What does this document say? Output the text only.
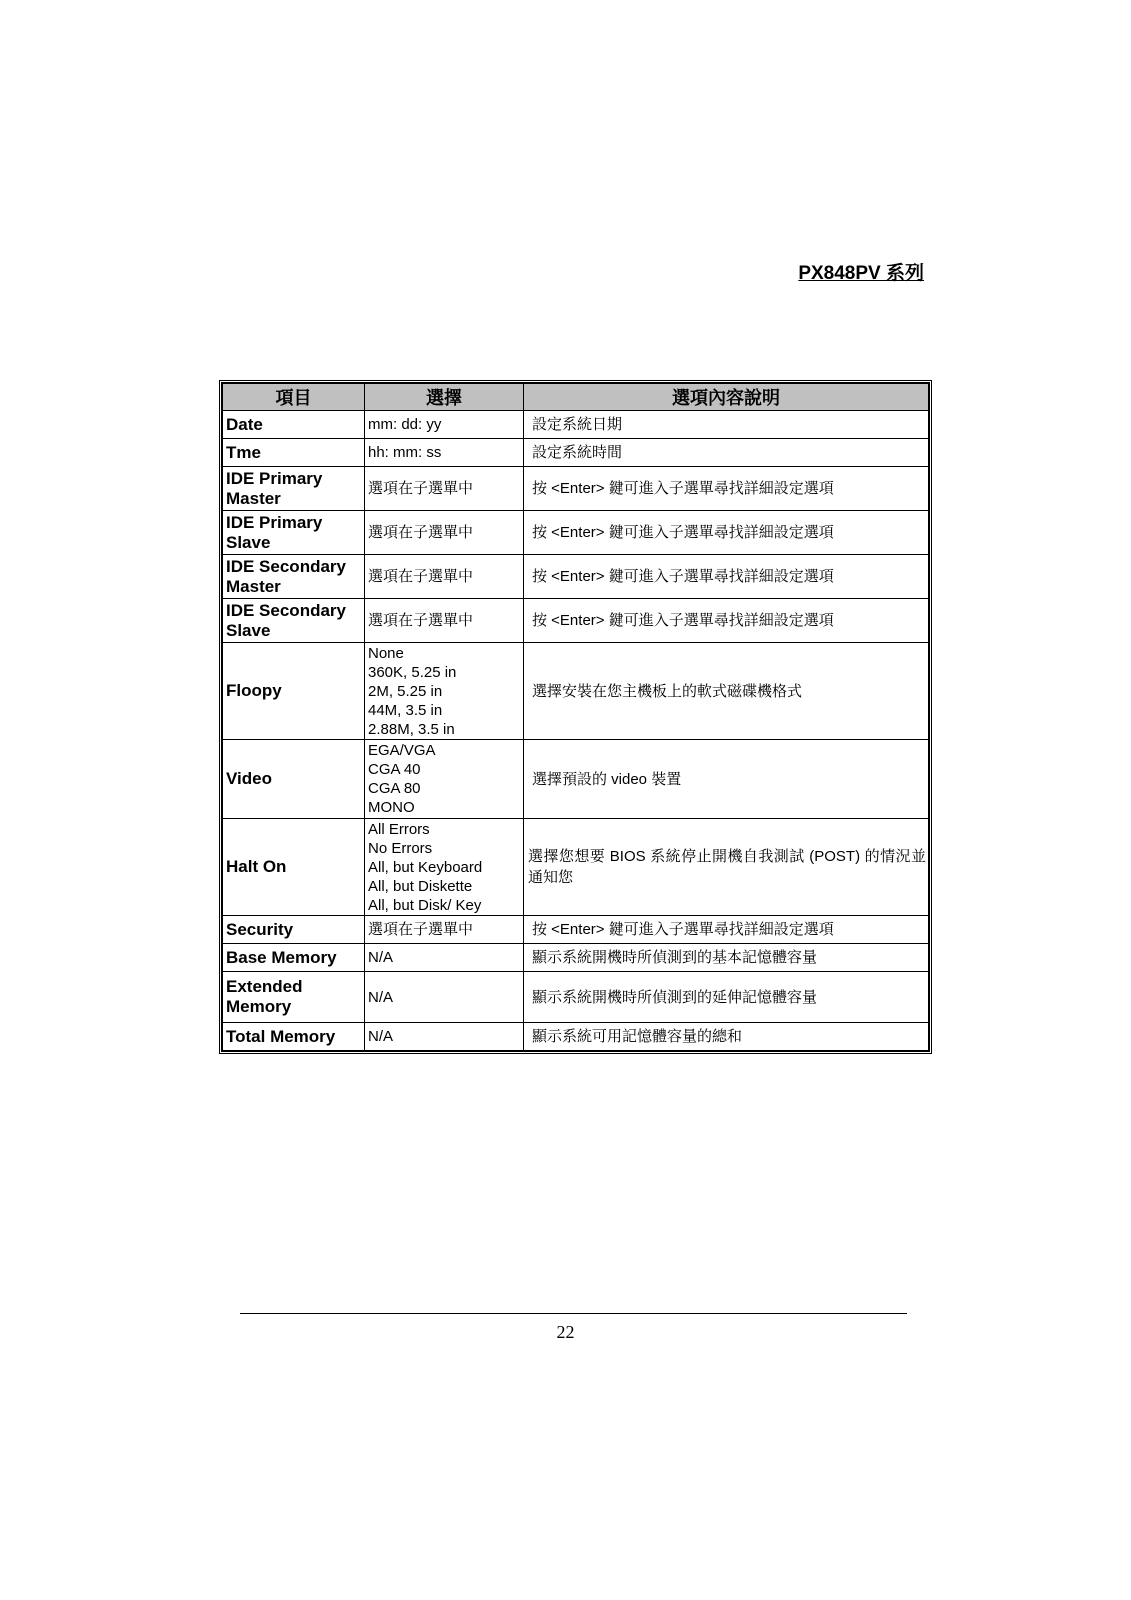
PX848PV 系列
項目	選擇	選項內容說明
Date	mm: dd: yy	設定系統日期
Tme	hh: mm: ss	設定系統時間
IDE Primary Master	選項在子選單中	按 <Enter> 鍵可進入子選單尋找詳細設定選項
IDE Primary Slave	選項在子選單中	按 <Enter> 鍵可進入子選單尋找詳細設定選項
IDE Secondary Master	選項在子選單中	按 <Enter> 鍵可進入子選單尋找詳細設定選項
IDE Secondary Slave	選項在子選單中	按 <Enter> 鍵可進入子選單尋找詳細設定選項
Floopy	None
360K, 5.25 in
2M, 5.25 in
44M, 3.5 in
2.88M, 3.5 in	選擇安裝在您主機板上的軟式磁碟機格式
Video	EGA/VGA
CGA 40
CGA 80
MONO	選擇預設的 video 裝置
Halt On	All Errors
No Errors
All, but Keyboard
All, but Diskette
All, but Disk/ Key	選擇您想要 BIOS 系統停止開機自我測試 (POST) 的情況並通知您
Security	選項在子選單中	按 <Enter> 鍵可進入子選單尋找詳細設定選項
Base Memory	N/A	顯示系統開機時所偵測到的基本記憶體容量
Extended Memory	N/A	顯示系統開機時所偵測到的延伸記憶體容量
Total Memory	N/A	顯示系統可用記憶體容量的總和
22
